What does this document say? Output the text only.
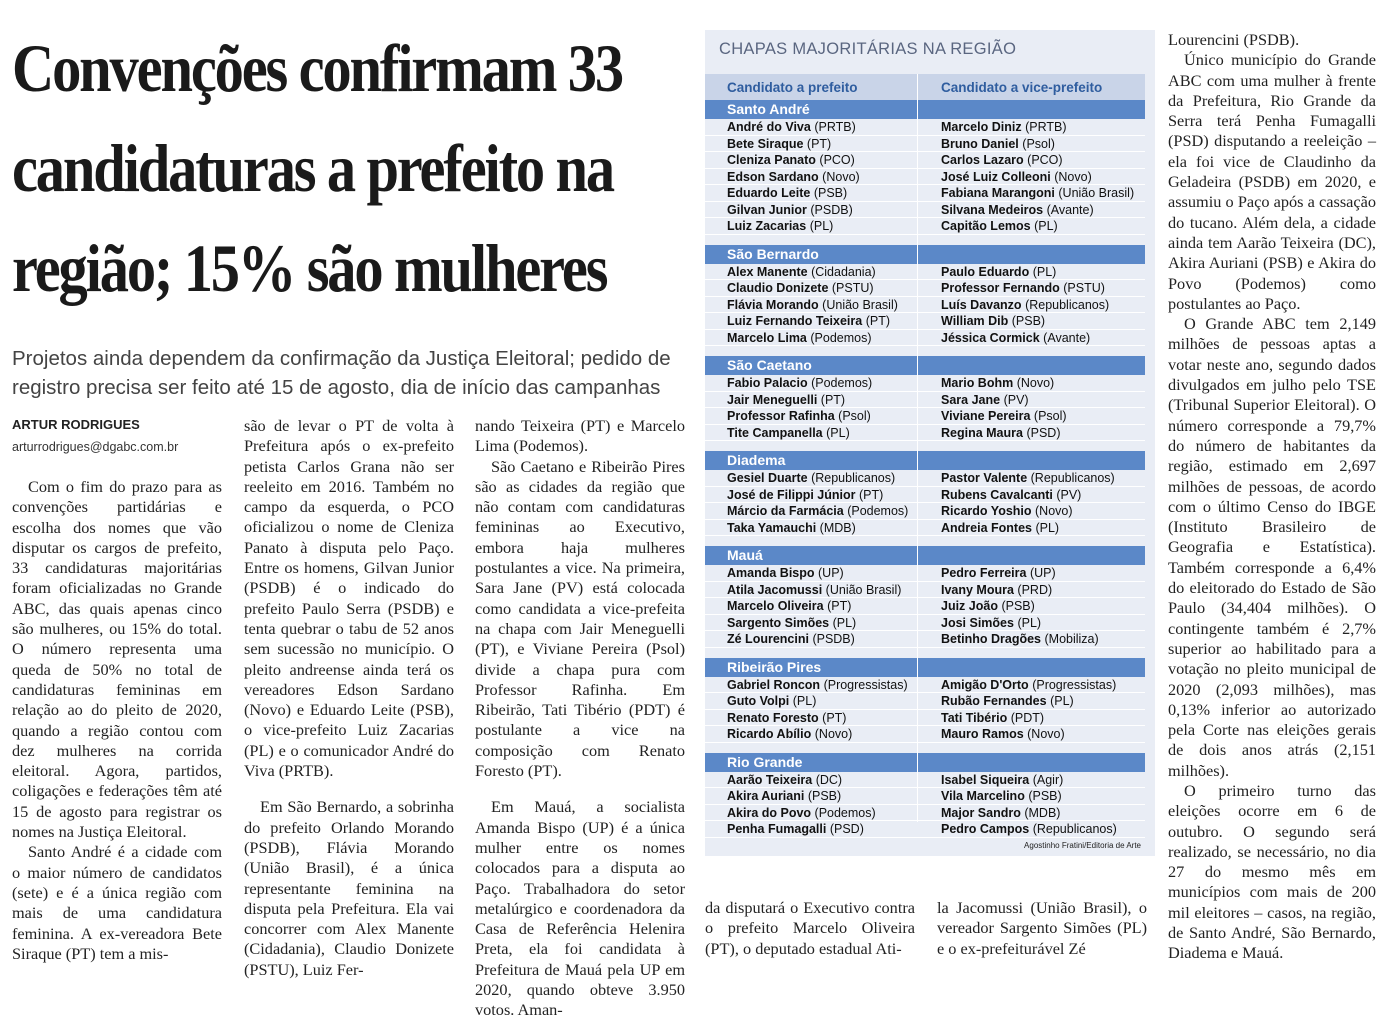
Convenções confirmam 33 candidaturas a prefeito na região; 15% são mulheres
Projetos ainda dependem da confirmação da Justiça Eleitoral; pedido de registro precisa ser feito até 15 de agosto, dia de início das campanhas
ARTUR RODRIGUES
arturrodrigues@dgabc.com.br

Com o fim do prazo para as convenções partidárias e escolha dos nomes que vão disputar os cargos de prefeito, 33 candidaturas majoritárias foram oficializadas no Grande ABC, das quais apenas cinco são mulheres, ou 15% do total. O número representa uma queda de 50% no total de candidaturas femininas em relação ao do pleito de 2020, quando a região contou com dez mulheres na corrida eleitoral. Agora, partidos, coligações e federações têm até 15 de agosto para registrar os nomes na Justiça Eleitoral.

Santo André é a cidade com o maior número de candidatos (sete) e é a única região com mais de uma candidatura feminina. A ex-vereadora Bete Siraque (PT) tem a mis-

são de levar o PT de volta à Prefeitura após o ex-prefeito petista Carlos Grana não ser reeleito em 2016. Também no campo da esquerda, o PCO oficializou o nome de Cleniza Panato à disputa pelo Paço. Entre os homens, Gilvan Junior (PSDB) é o indicado do prefeito Paulo Serra (PSDB) e tenta quebrar o tabu de 52 anos sem sucessão no município. O pleito andreense ainda terá os vereadores Edson Sardano (Novo) e Eduardo Leite (PSB), o vice-prefeito Luiz Zacarias (PL) e o comunicador André do Viva (PRTB).

Em São Bernardo, a sobrinha do prefeito Orlando Morando (PSDB), Flávia Morando (União Brasil), é a única representante feminina na disputa pela Prefeitura. Ela vai concorrer com Alex Manente (Cidadania), Claudio Donizete (PSTU), Luiz Fer-

nando Teixeira (PT) e Marcelo Lima (Podemos).

São Caetano e Ribeirão Pires são as cidades da região que não contam com candidaturas femininas ao Executivo, embora haja mulheres postulantes a vice. Na primeira, Sara Jane (PV) está colocada como candidata a vice-prefeita na chapa com Jair Meneguelli (PT), e Viviane Pereira (Psol) divide a chapa pura com Professor Rafinha. Em Ribeirão, Tati Tibério (PDT) é postulante a vice na composição com Renato Foresto (PT).

Em Mauá, a socialista Amanda Bispo (UP) é a única mulher entre os nomes colocados para a disputa ao Paço. Trabalhadora do setor metalúrgico e coordenadora da Casa de Referência Helenira Preta, ela foi candidata à Prefeitura de Mauá pela UP em 2020, quando obteve 3.950 votos. Aman-

da disputará o Executivo contra o prefeito Marcelo Oliveira (PT), o deputado estadual Ati-

la Jacomussi (União Brasil), o vereador Sargento Simões (PL) e o ex-prefeiturável Zé

Lourencini (PSDB).

Único município do Grande ABC com uma mulher à frente da Prefeitura, Rio Grande da Serra terá Penha Fumagalli (PSD) disputando a reeleição – ela foi vice de Claudinho da Geladeira (PSDB) em 2020, e assumiu o Paço após a cassação do tucano. Além dela, a cidade ainda tem Aarão Teixeira (DC), Akira Auriani (PSB) e Akira do Povo (Podemos) como postulantes ao Paço.

O Grande ABC tem 2,149 milhões de pessoas aptas a votar neste ano, segundo dados divulgados em julho pelo TSE (Tribunal Superior Eleitoral). O número corresponde a 79,7% do número de habitantes da região, estimado em 2,697 milhões de pessoas, de acordo com o último Censo do IBGE (Instituto Brasileiro de Geografia e Estatística). Também corresponde a 6,4% do eleitorado do Estado de São Paulo (34,404 milhões). O contingente também é 2,7% superior ao habilitado para a votação no pleito municipal de 2020 (2,093 milhões), mas 0,13% inferior ao autorizado pela Corte nas eleições gerais de dois anos atrás (2,151 milhões).

O primeiro turno das eleições ocorre em 6 de outubro. O segundo será realizado, se necessário, no dia 27 do mesmo mês em municípios com mais de 200 mil eleitores – casos, na região, de Santo André, São Bernardo, Diadema e Mauá.

CHAPAS MAJORITÁRIAS NA REGIÃO
Candidato a prefeito	Candidato a vice-prefeito
Santo André
André do Viva (PRTB)	Marcelo Diniz (PRTB)
Bete Siraque (PT)	Bruno Daniel (Psol)
Cleniza Panato (PCO)	Carlos Lazaro (PCO)
Edson Sardano (Novo)	José Luiz Colleoni (Novo)
Eduardo Leite (PSB)	Fabiana Marangoni (União Brasil)
Gilvan Junior (PSDB)	Silvana Medeiros (Avante)
Luiz Zacarias (PL)	Capitão Lemos (PL)
São Bernardo
Alex Manente (Cidadania)	Paulo Eduardo (PL)
Claudio Donizete (PSTU)	Professor Fernando (PSTU)
Flávia Morando (União Brasil)	Luís Davanzo (Republicanos)
Luiz Fernando Teixeira (PT)	William Dib (PSB)
Marcelo Lima (Podemos)	Jéssica Cormick (Avante)
São Caetano
Fabio Palacio (Podemos)	Mario Bohm (Novo)
Jair Meneguelli (PT)	Sara Jane (PV)
Professor Rafinha (Psol)	Viviane Pereira (Psol)
Tite Campanella (PL)	Regina Maura (PSD)
Diadema
Gesiel Duarte (Republicanos)	Pastor Valente (Republicanos)
José de Filippi Júnior (PT)	Rubens Cavalcanti (PV)
Márcio da Farmácia (Podemos)	Ricardo Yoshio (Novo)
Taka Yamauchi (MDB)	Andreia Fontes (PL)
Mauá
Amanda Bispo (UP)	Pedro Ferreira (UP)
Atila Jacomussi (União Brasil)	Ivany Moura (PRD)
Marcelo Oliveira (PT)	Juiz João (PSB)
Sargento Simões (PL)	Josi Simões (PL)
Zé Lourencini (PSDB)	Betinho Dragões (Mobiliza)
Ribeirão Pires
Gabriel Roncon (Progressistas)	Amigão D'Orto (Progressistas)
Guto Volpi (PL)	Rubão Fernandes (PL)
Renato Foresto (PT)	Tati Tibério (PDT)
Ricardo Abílio (Novo)	Mauro Ramos (Novo)
Rio Grande
Aarão Teixeira (DC)	Isabel Siqueira (Agir)
Akira Auriani (PSB)	Vila Marcelino (PSB)
Akira do Povo (Podemos)	Major Sandro (MDB)
Penha Fumagalli (PSD)	Pedro Campos (Republicanos)
Agostinho Fratini/Editoria de Arte
